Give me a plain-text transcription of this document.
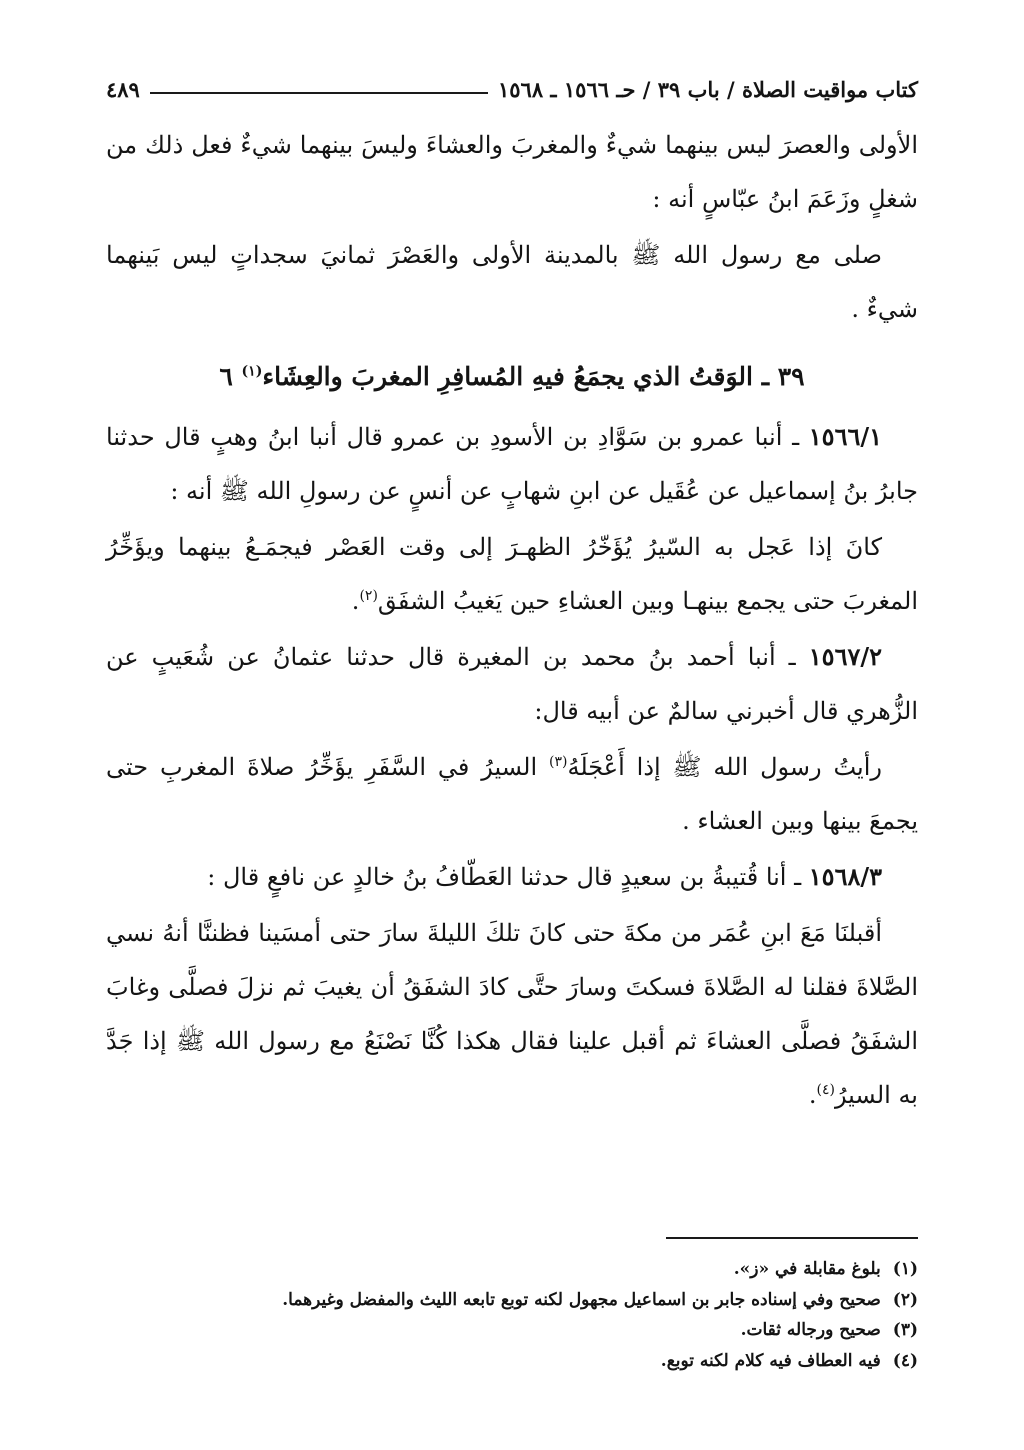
كتاب مواقيت الصلاة / باب ٣٩ / حـ ١٥٦٦ ـ ١٥٦٨
٤٨٩

الأولى والعصرَ ليس بينهما شيءٌ والمغربَ والعشاءَ وليسَ بينهما شيءٌ فعل ذلك من شغلٍ وزَعَمَ ابنُ عبّاسٍ أنه :

صلى مع رسول الله ﷺ بالمدينة الأولى والعَصْرَ ثمانيَ سجداتٍ ليس بَينهما شيءٌ .

٣٩ ـ الوَقتُ الذي يجمَعُ فيهِ المُسافِرِ المغربَ والعِشَاء$^{(١)}$ ٦

١٥٦٦/١ ـ أنبا عمرو بن سَوَّادِ بن الأسودِ بن عمرو قال أنبا ابنُ وهبٍ قال حدثنا جابرُ بنُ إسماعيل عن عُقَيل عن ابنِ شهابٍ عن أنسٍ عن رسولِ الله ﷺ أنه :

كانَ إذا عَجل به السّيرُ يُؤَخّرُ الظهـرَ إلى وقت العَصْر فيجمَـعُ بينهما ويؤَخِّرُ المغربَ حتى يجمع بينهـا وبين العشاءِ حين يَغيبُ الشفَق$^{(٢)}$.

١٥٦٧/٢ ـ أنبا أحمد بنُ محمد بن المغيرة قال حدثنا عثمانُ عن شُعَيبٍ عن الزُّهري قال أخبرني سالمٌ عن أبيه قال:

رأيتُ رسول الله ﷺ إذا أَعْجَلَهُ$^{(٣)}$ السيرُ في السَّفَرِ يؤَخِّرُ صلاةَ المغربِ حتى يجمعَ بينها وبين العشاء .

١٥٦٨/٣ ـ أنا قُتيبةُ بن سعيدٍ قال حدثنا العَطّافُ بنُ خالدٍ عن نافعٍ قال :

أقبلنَا مَعَ ابنِ عُمَر من مكةَ حتى كانَ تلكَ الليلةَ سارَ حتى أمسَينا فظننَّا أنهُ نسي الصَّلاةَ فقلنا له الصَّلاةَ فسكتَ وسارَ حتَّى كادَ الشفَقُ أن يغيبَ ثم نزلَ فصلَّى وغابَ الشفَقُ فصلَّى العشاءَ ثم أقبل علينا فقال هكذا كُنَّا نَصْنَعُ مع رسول الله ﷺ إذا جَدَّ به السيرُ$^{(٤)}$.

(١)بلوغ مقابلة في «ز».

(٢)صحيح وفي إسناده جابر بن اسماعيل مجهول لكنه توبع تابعه الليث والمفضل وغيرهما.

(٣)صحيح ورجاله ثقات.

(٤)فيه العطاف فيه كلام لكنه توبع.
